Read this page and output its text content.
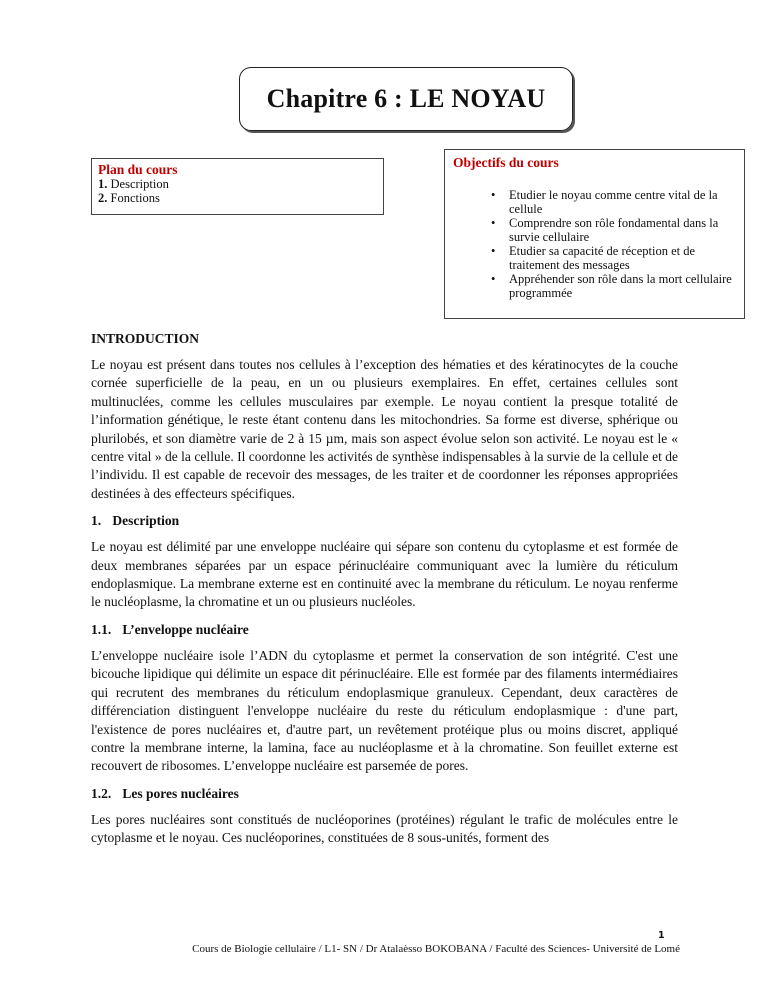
Chapitre 6 : LE NOYAU
Plan du cours
1. Description
2. Fonctions
Objectifs du cours
• Etudier le noyau comme centre vital de la cellule
• Comprendre son rôle fondamental dans la survie cellulaire
• Etudier sa capacité de réception et de traitement des messages
• Appréhender son rôle dans la mort cellulaire programmée
INTRODUCTION

Le noyau est présent dans toutes nos cellules à l’exception des hématies et des kératinocytes de la couche cornée superficielle de la peau, en un ou plusieurs exemplaires. En effet, certaines cellules sont multinuclées, comme les cellules musculaires par exemple. Le noyau contient la presque totalité de l’information génétique, le reste étant contenu dans les mitochondries. Sa forme est diverse, sphérique ou plurilobés, et son diamètre varie de 2 à 15 µm, mais son aspect évolue selon son activité. Le noyau est le « centre vital » de la cellule. Il coordonne les activités de synthèse indispensables à la survie de la cellule et de l’individu. Il est capable de recevoir des messages, de les traiter et de coordonner les réponses appropriées destinées à des effecteurs spécifiques.

1. Description

Le noyau est délimité par une enveloppe nucléaire qui sépare son contenu du cytoplasme et est formée de deux membranes séparées par un espace périnucléaire communiquant avec la lumière du réticulum endoplasmique. La membrane externe est en continuité avec la membrane du réticulum. Le noyau renferme le nucléoplasme, la chromatine et un ou plusieurs nucléoles.

1.1. L’enveloppe nucléaire

L’enveloppe nucléaire isole l’ADN du cytoplasme et permet la conservation de son intégrité. C'est une bicouche lipidique qui délimite un espace dit périnucléaire. Elle est formée par des filaments intermédiaires qui recrutent des membranes du réticulum endoplasmique granuleux. Cependant, deux caractères de différenciation distinguent l'enveloppe nucléaire du reste du réticulum endoplasmique : d'une part, l'existence de pores nucléaires et, d'autre part, un revêtement protéique plus ou moins discret, appliqué contre la membrane interne, la lamina, face au nucléoplasme et à la chromatine. Son feuillet externe est recouvert de ribosomes. L’enveloppe nucléaire est parsemée de pores.

1.2. Les pores nucléaires

Les pores nucléaires sont constitués de nucléoporines (protéines) régulant le trafic de molécules entre le cytoplasme et le noyau. Ces nucléoporines, constituées de 8 sous-unités, forment des

1
Cours de Biologie cellulaire / L1- SN / Dr Atalaèsso BOKOBANA / Faculté des Sciences- Université de Lomé
